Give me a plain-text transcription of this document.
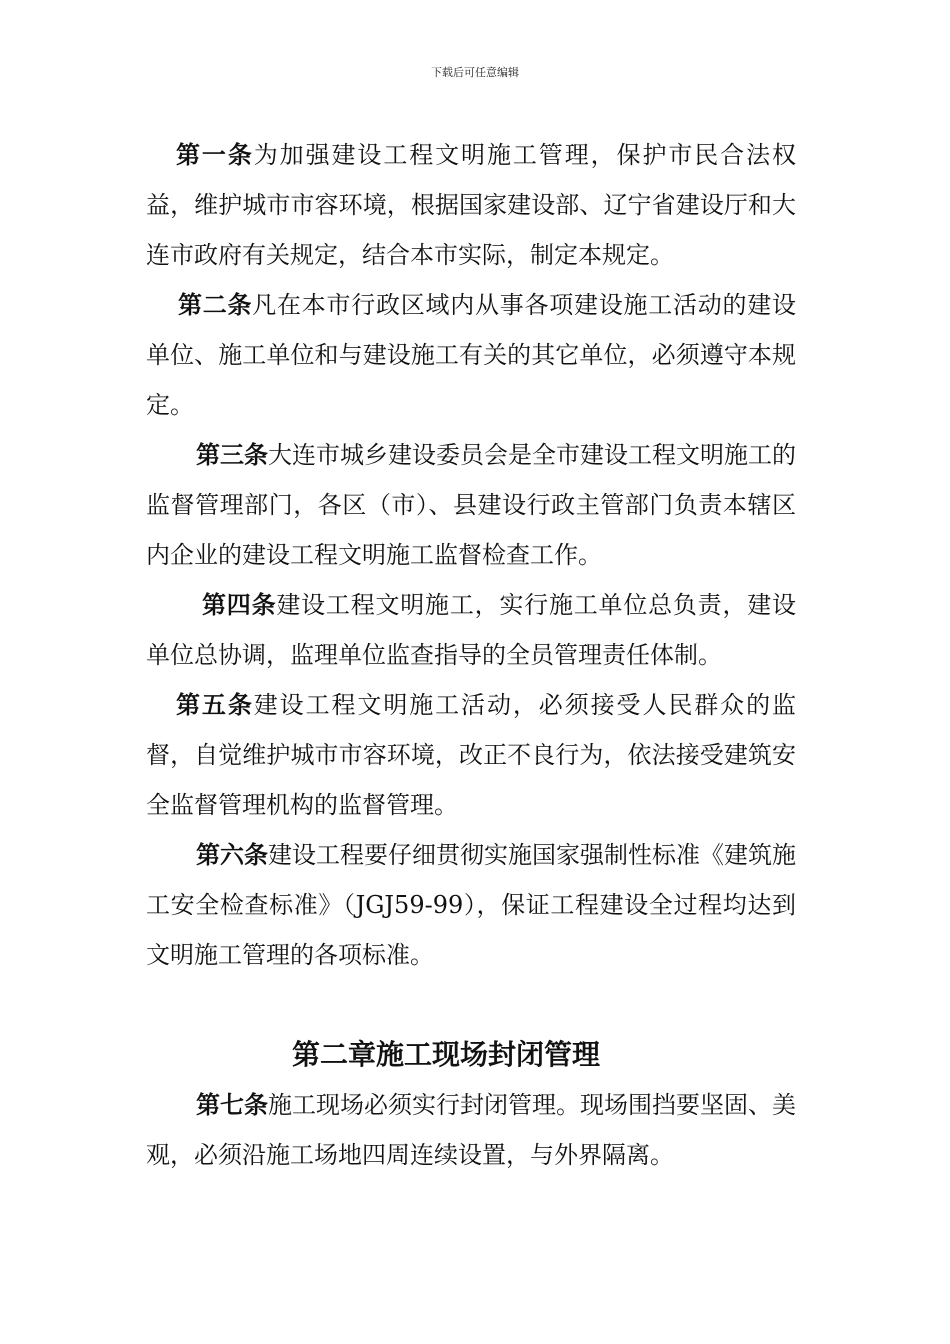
下载后可任意编辑

第一条为加强建设工程文明施工管理，保护市民合法权益，维护城市市容环境，根据国家建设部、辽宁省建设厅和大连市政府有关规定，结合本市实际，制定本规定。

第二条凡在本市行政区域内从事各项建设施工活动的建设单位、施工单位和与建设施工有关的其它单位，必须遵守本规定。

第三条大连市城乡建设委员会是全市建设工程文明施工的监督管理部门，各区（市）、县建设行政主管部门负责本辖区内企业的建设工程文明施工监督检查工作。

第四条建设工程文明施工，实行施工单位总负责，建设单位总协调，监理单位监查指导的全员管理责任体制。

第五条建设工程文明施工活动，必须接受人民群众的监督，自觉维护城市市容环境，改正不良行为，依法接受建筑安全监督管理机构的监督管理。

第六条建设工程要仔细贯彻实施国家强制性标准《建筑施工安全检查标准》（JGJ59-99），保证工程建设全过程均达到文明施工管理的各项标准。

第二章施工现场封闭管理

第七条施工现场必须实行封闭管理。现场围挡要坚固、美观，必须沿施工场地四周连续设置，与外界隔离。
